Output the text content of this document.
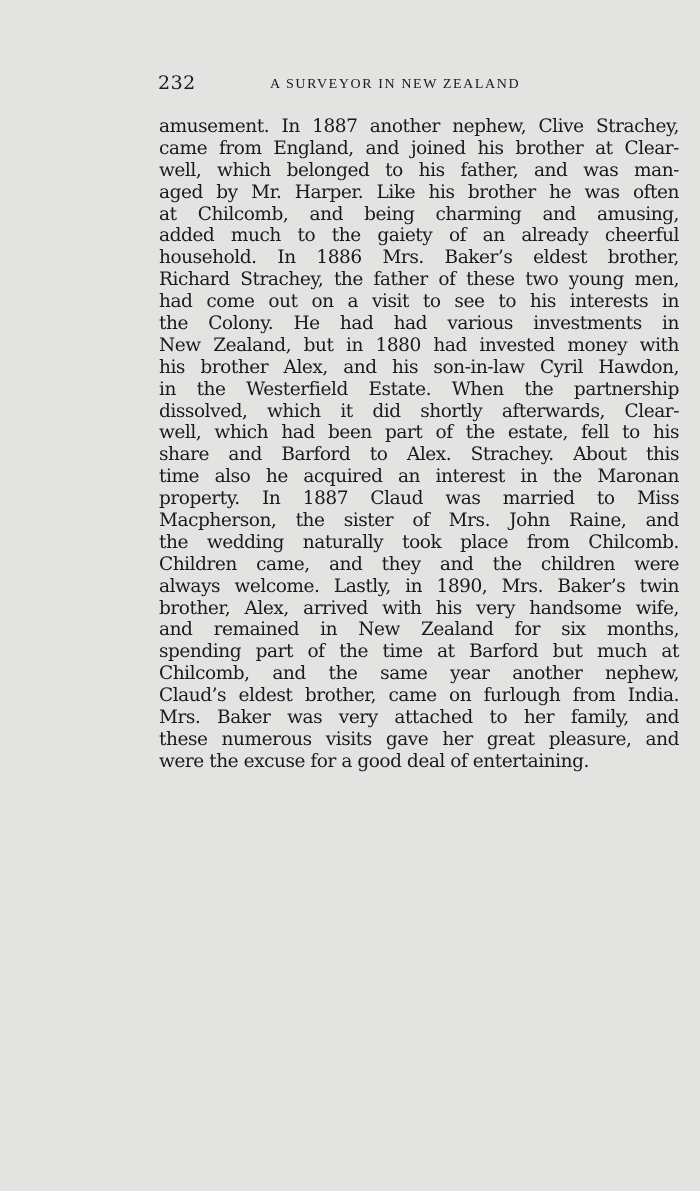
232	A SURVEYOR IN NEW ZEALAND
amusement. In 1887 another nephew, Clive Strachey,
came from England, and joined his brother at Clear-
well, which belonged to his father, and was man-
aged by Mr. Harper. Like his brother he was often
at Chilcomb, and being charming and amusing,
added much to the gaiety of an already cheerful
household. In 1886 Mrs. Baker’s eldest brother,
Richard Strachey, the father of these two young men,
had come out on a visit to see to his interests in
the Colony. He had had various investments in
New Zealand, but in 1880 had invested money with
his brother Alex, and his son-in-law Cyril Hawdon,
in the Westerfield Estate. When the partnership
dissolved, which it did shortly afterwards, Clear-
well, which had been part of the estate, fell to his
share and Barford to Alex. Strachey. About this
time also he acquired an interest in the Maronan
property. In 1887 Claud was married to Miss
Macpherson, the sister of Mrs. John Raine, and
the wedding naturally took place from Chilcomb.
Children came, and they and the children were
always welcome. Lastly, in 1890, Mrs. Baker’s twin
brother, Alex, arrived with his very handsome wife,
and remained in New Zealand for six months,
spending part of the time at Barford but much at
Chilcomb, and the same year another nephew,
Claud’s eldest brother, came on furlough from India.
Mrs. Baker was very attached to her family, and
these numerous visits gave her great pleasure, and
were the excuse for a good deal of entertaining.
